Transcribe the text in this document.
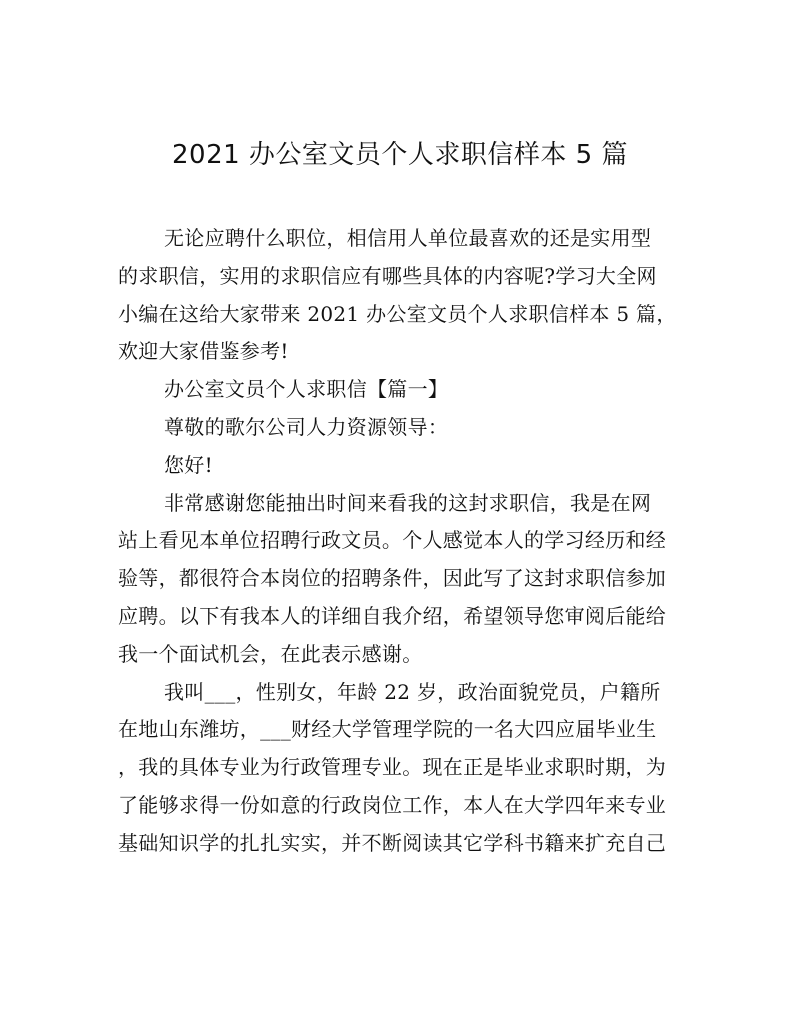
2021 办公室文员个人求职信样本 5 篇
无论应聘什么职位，相信用人单位最喜欢的还是实用型
的求职信，实用的求职信应有哪些具体的内容呢?学习大全网
小编在这给大家带来 2021 办公室文员个人求职信样本 5 篇，
欢迎大家借鉴参考!
办公室文员个人求职信【篇一】
尊敬的歌尔公司人力资源领导：
您好!
非常感谢您能抽出时间来看我的这封求职信，我是在网
站上看见本单位招聘行政文员。个人感觉本人的学习经历和经
验等，都很符合本岗位的招聘条件，因此写了这封求职信参加
应聘。以下有我本人的详细自我介绍，希望领导您审阅后能给
我一个面试机会，在此表示感谢。
我叫___，性别女，年龄 22 岁，政治面貌党员，户籍所
在地山东潍坊，___财经大学管理学院的一名大四应届毕业生
，我的具体专业为行政管理专业。现在正是毕业求职时期，为
了能够求得一份如意的行政岗位工作，本人在大学四年来专业
基础知识学的扎扎实实，并不断阅读其它学科书籍来扩充自己
